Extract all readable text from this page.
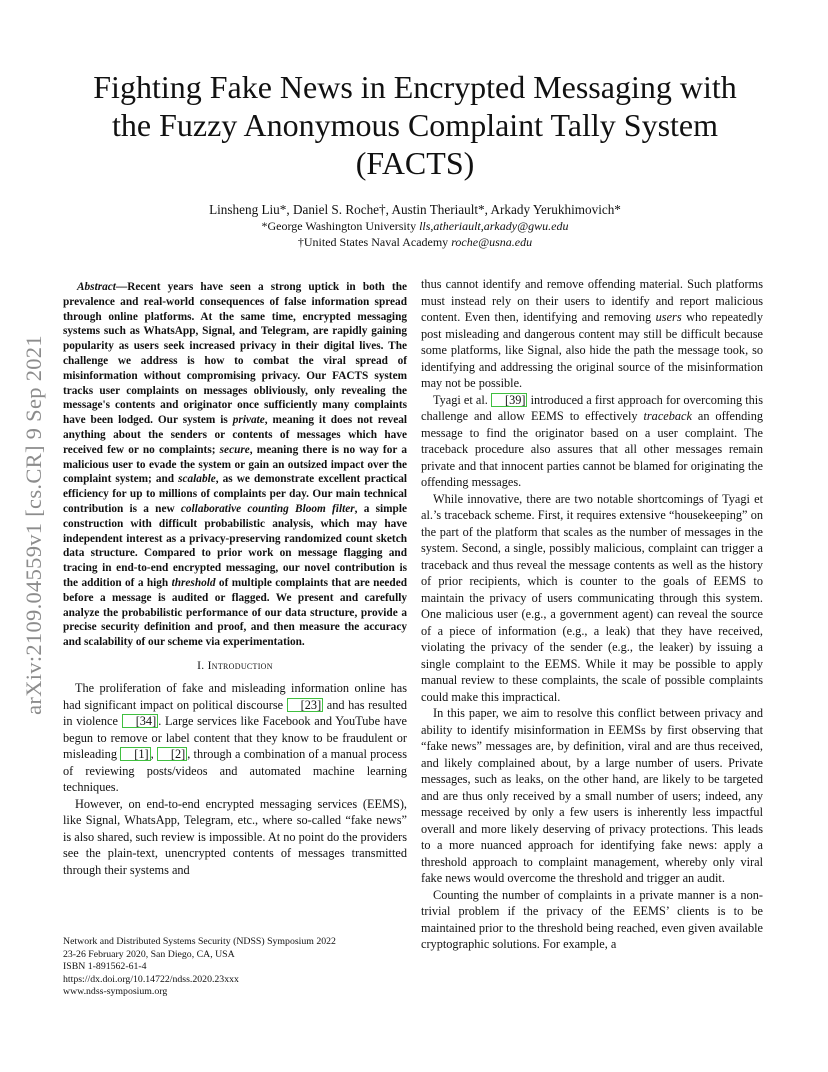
arXiv:2109.04559v1 [cs.CR] 9 Sep 2021
Fighting Fake News in Encrypted Messaging with
the Fuzzy Anonymous Complaint Tally System
(FACTS)
Linsheng Liu*, Daniel S. Roche†, Austin Theriault*, Arkady Yerukhimovich*
*George Washington University lls,atheriault,arkady@gwu.edu
†United States Naval Academy roche@usna.edu

Abstract—Recent years have seen a strong uptick in both the prevalence and real-world consequences of false information spread through online platforms. At the same time, encrypted messaging systems such as WhatsApp, Signal, and Telegram, are rapidly gaining popularity as users seek increased privacy in their digital lives. The challenge we address is how to combat the viral spread of misinformation without compromising privacy. Our FACTS system tracks user complaints on messages obliviously, only revealing the message's contents and originator once sufficiently many complaints have been lodged. Our system is private, meaning it does not reveal anything about the senders or contents of messages which have received few or no complaints; secure, meaning there is no way for a malicious user to evade the system or gain an outsized impact over the complaint system; and scalable, as we demonstrate excellent practical efficiency for up to millions of complaints per day. Our main technical contribution is a new collaborative counting Bloom filter, a simple construction with difficult probabilistic analysis, which may have independent interest as a privacy-preserving randomized count sketch data structure. Compared to prior work on message flagging and tracing in end-to-end encrypted messaging, our novel contribution is the addition of a high threshold of multiple complaints that are needed before a message is audited or flagged. We present and carefully analyze the probabilistic performance of our data structure, provide a precise security definition and proof, and then measure the accuracy and scalability of our scheme via experimentation.

I. Introduction

The proliferation of fake and misleading information online has had significant impact on political discourse [23] and has resulted in violence [34] . Large services like Facebook and YouTube have begun to remove or label content that they know to be fraudulent or misleading [1] , [2] , through a combination of a manual process of reviewing posts/videos and automated machine learning techniques.

However, on end-to-end encrypted messaging services (EEMS), like Signal, WhatsApp, Telegram, etc., where so-called “fake news” is also shared, such review is impossible. At no point do the providers see the plain-text, unencrypted contents of messages transmitted through their systems and

Network and Distributed Systems Security (NDSS) Symposium 2022
23-26 February 2020, San Diego, CA, USA
ISBN 1-891562-61-4
https://dx.doi.org/10.14722/ndss.2020.23xxx
www.ndss-symposium.org

thus cannot identify and remove offending material. Such platforms must instead rely on their users to identify and report malicious content. Even then, identifying and removing users who repeatedly post misleading and dangerous content may still be difficult because some platforms, like Signal, also hide the path the message took, so identifying and addressing the original source of the misinformation may not be possible.

Tyagi et al. [39] introduced a first approach for overcoming this challenge and allow EEMS to effectively traceback an offending message to find the originator based on a user complaint. The traceback procedure also assures that all other messages remain private and that innocent parties cannot be blamed for originating the offending messages.

While innovative, there are two notable shortcomings of Tyagi et al.’s traceback scheme. First, it requires extensive “housekeeping” on the part of the platform that scales as the number of messages in the system. Second, a single, possibly malicious, complaint can trigger a traceback and thus reveal the message contents as well as the history of prior recipients, which is counter to the goals of EEMS to maintain the privacy of users communicating through this system. One malicious user (e.g., a government agent) can reveal the source of a piece of information (e.g., a leak) that they have received, violating the privacy of the sender (e.g., the leaker) by issuing a single complaint to the EEMS. While it may be possible to apply manual review to these complaints, the scale of possible complaints could make this impractical.

In this paper, we aim to resolve this conflict between privacy and ability to identify misinformation in EEMSs by first observing that “fake news” messages are, by definition, viral and are thus received, and likely complained about, by a large number of users. Private messages, such as leaks, on the other hand, are likely to be targeted and are thus only received by a small number of users; indeed, any message received by only a few users is inherently less impactful overall and more likely deserving of privacy protections. This leads to a more nuanced approach for identifying fake news: apply a threshold approach to complaint management, whereby only viral fake news would overcome the threshold and trigger an audit.

Counting the number of complaints in a private manner is a non-trivial problem if the privacy of the EEMS’ clients is to be maintained prior to the threshold being reached, even given available cryptographic solutions. For example, a
